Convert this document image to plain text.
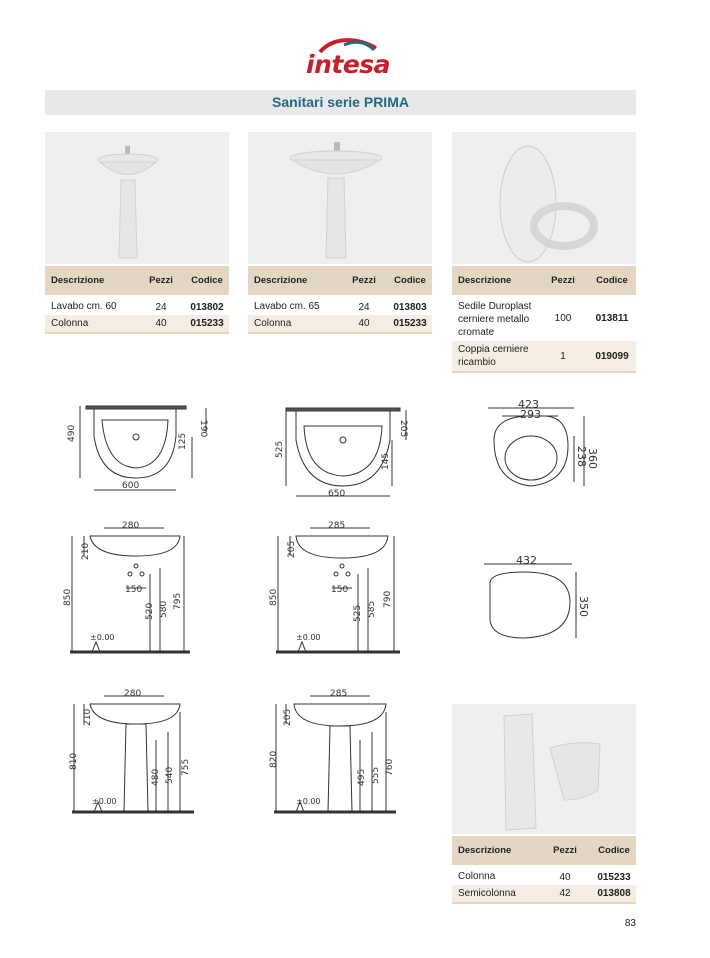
intesa
Sanitari serie PRIMA
Descrizione	Pezzi	Codice
Lavabo cm. 60	24	013802
Colonna	40	015233
Descrizione	Pezzi	Codice
Lavabo cm. 65	24	013803
Colonna	40	015233
Descrizione	Pezzi	Codice

Sedile Duroplast
cerniere metallo
cromate	100	013811

Coppia cerniere
ricambio	1	019099
490
600
190
125	525
650
205
145
423
293
238
360
432
350
280
210
150
850
520 580 795
±0.00
285
205
150
850
525 585
790
±0.00
280
210
810
480 540 755
±0.00
285
205
820
495 555 760
±0.00
Descrizione	Pezzi	Codice
Colonna	40	015233
Semicolonna	42	013808
83
